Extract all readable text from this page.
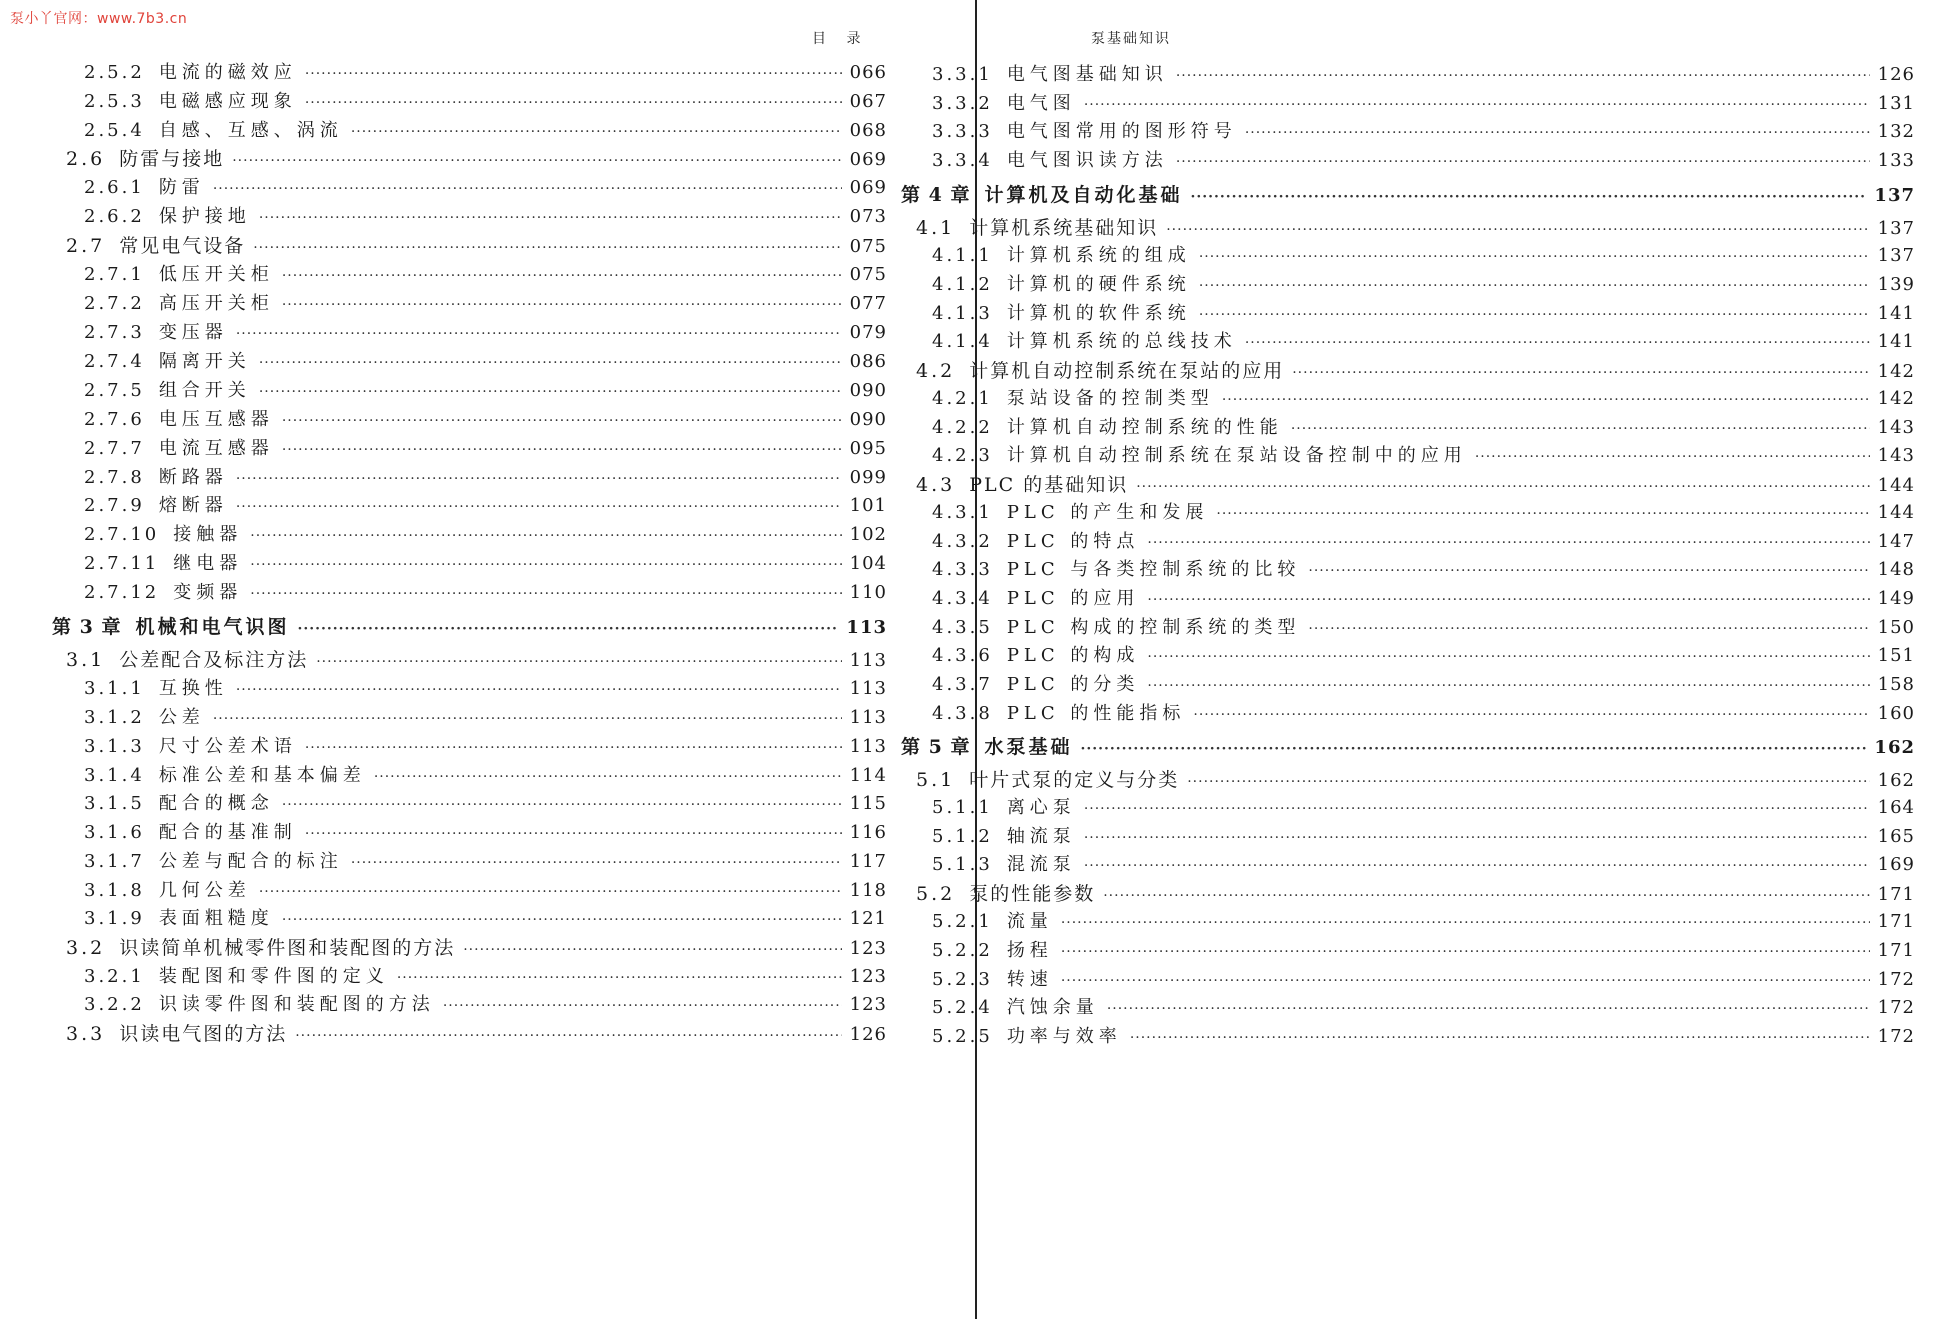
泵小丫官网：www.7b3.cn
目 录
2.5.2 电流的磁效应 ·····	066
2.5.3 电磁感应现象 ·····	067
2.5.4 自感、互感、涡流 ·····	068
2.6 防雷与接地 ·····	069
2.6.1 防雷 ·····	069
2.6.2 保护接地 ·····	073
2.7 常见电气设备 ·····	075
2.7.1 低压开关柜 ·····	075
2.7.2 高压开关柜 ·····	077
2.7.3 变压器 ·····	079
2.7.4 隔离开关 ·····	086
2.7.5 组合开关 ·····	090
2.7.6 电压互感器 ·····	090
2.7.7 电流互感器 ·····	095
2.7.8 断路器 ·····	099
2.7.9 熔断器 ·····	101
2.7.10 接触器 ·····	102
2.7.11 继电器 ·····	104
2.7.12 变频器 ·····	110
第 3 章 机械和电气识图 ·····	113
3.1 公差配合及标注方法 ·····	113
3.1.1 互换性 ·····	113
3.1.2 公差 ·····	113
3.1.3 尺寸公差术语 ·····	113
3.1.4 标准公差和基本偏差 ·····	114
3.1.5 配合的概念 ·····	115
3.1.6 配合的基准制 ·····	116
3.1.7 公差与配合的标注 ·····	117
3.1.8 几何公差 ·····	118
3.1.9 表面粗糙度 ·····	121
3.2 识读简单机械零件图和装配图的方法 ·····	123
3.2.1 装配图和零件图的定义 ·····	123
3.2.2 识读零件图和装配图的方法 ·····	123
3.3 识读电气图的方法 ·····	126
泵基础知识
3.3.1 电气图基础知识 ·····	126
3.3.2 电气图 ·····	131
3.3.3 电气图常用的图形符号 ·····	132
3.3.4 电气图识读方法 ·····	133
第 4 章 计算机及自动化基础 ·····	137
4.1 计算机系统基础知识 ·····	137
4.1.1 计算机系统的组成 ·····	137
4.1.2 计算机的硬件系统 ·····	139
4.1.3 计算机的软件系统 ·····	141
4.1.4 计算机系统的总线技术 ·····	141
4.2 计算机自动控制系统在泵站的应用 ·····	142
4.2.1 泵站设备的控制类型 ·····	142
4.2.2 计算机自动控制系统的性能 ·····	143
4.2.3 计算机自动控制系统在泵站设备控制中的应用 ·····	143
4.3 PLC 的基础知识 ·····	144
4.3.1 PLC 的产生和发展 ·····	144
4.3.2 PLC 的特点 ·····	147
4.3.3 PLC 与各类控制系统的比较 ·····	148
4.3.4 PLC 的应用 ·····	149
4.3.5 PLC 构成的控制系统的类型 ·····	150
4.3.6 PLC 的构成 ·····	151
4.3.7 PLC 的分类 ·····	158
4.3.8 PLC 的性能指标 ·····	160
第 5 章 水泵基础 ·····	162
5.1 叶片式泵的定义与分类 ·····	162
5.1.1 离心泵 ·····	164
5.1.2 轴流泵 ·····	165
5.1.3 混流泵 ·····	169
5.2 泵的性能参数 ·····	171
5.2.1 流量 ·····	171
5.2.2 扬程 ·····	171
5.2.3 转速 ·····	172
5.2.4 汽蚀余量 ·····	172
5.2.5 功率与效率 ·····	172
